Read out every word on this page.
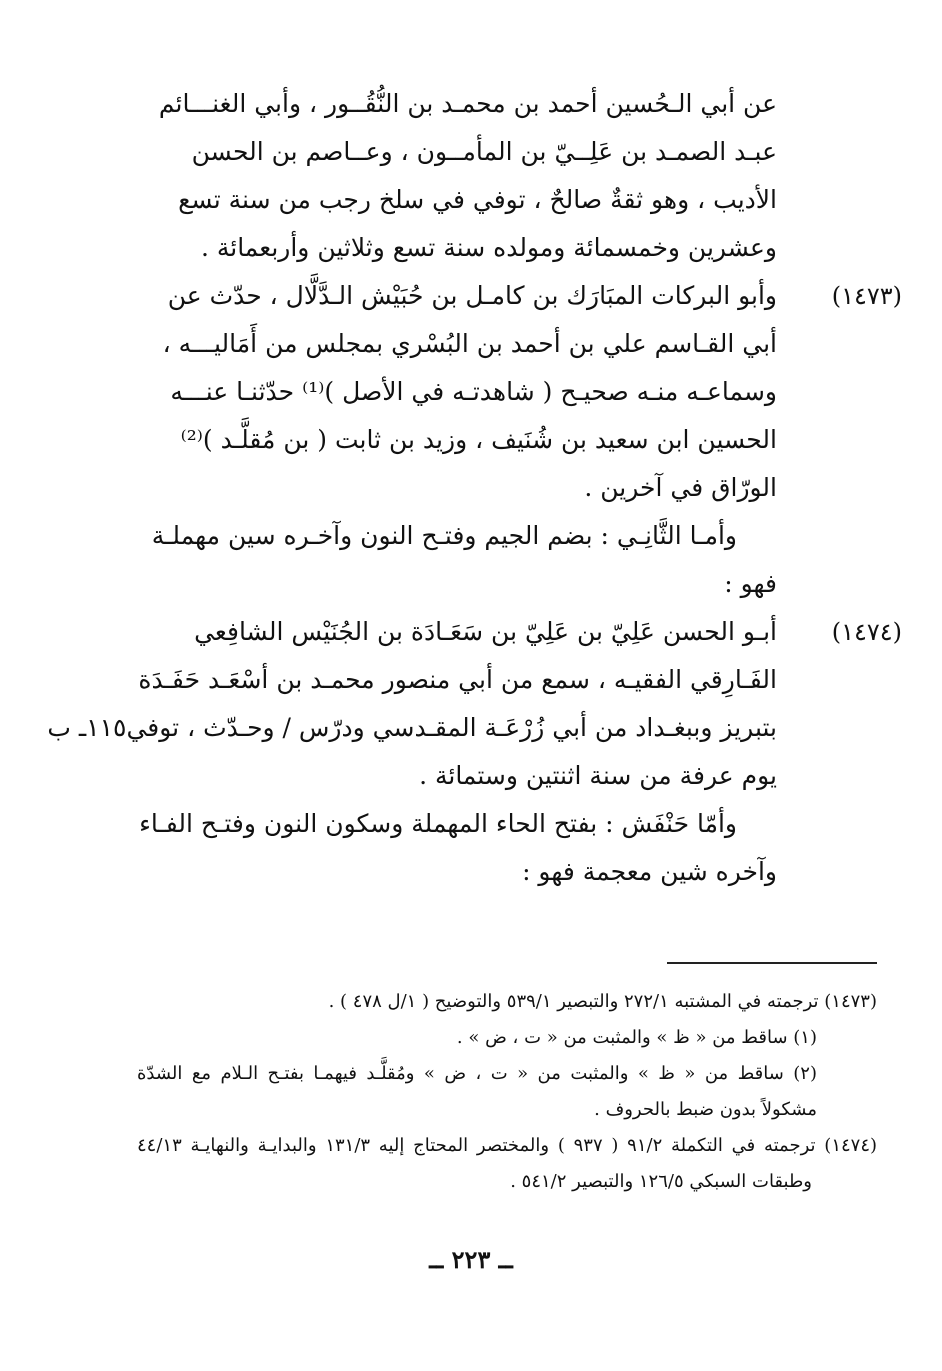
عن أبي الـحُسين أحمد بن محمـد بن النُّقُــور ، وأبي الغنـــائم
عبـد الصمـد بن عَلِــيّ بن المأمــون ، وعــاصم بن الحسن
الأديب ، وهو ثقةٌ صالحٌ ، توفي في سلخ رجب من سنة تسع
وعشرين وخمسمائة ومولده سنة تسع وثلاثين وأربعمائة .
(١٤٧٣)
وأبو البركات المبَارَك بن كامـل بن حُبَيْش الـدَّلَّال ، حدّث عن
أبي القـاسم علي بن أحمد بن البُسْري بمجلس من أَمَاليـــه ،
وسماعـه منـه صحيـح ( شاهدتـه في الأصل )⁽¹⁾ حدّثنـا عنـــه
الحسين ابن سعيد بن شُنَيف ، وزيد بن ثابت ( بن مُقلَّـد )⁽²⁾
الورّاق في آخرين .
وأمـا الثَّانِـي : بضم الجيم وفتـح النون وآخـره سين مهملـة
فهو :
(١٤٧٤)
أبـو الحسن عَلِيّ بن عَلِيّ بن سَعَـادَة بن الجُنَيْس الشافِعي
الفَـارِقي الفقيـه ، سمع من أبي منصور محمـد بن أسْعَـد حَفَـدَة
بتبريز وببغـداد من أبي زُرْعَـة المقـدسي ودرّس / وحـدّث ، توفي١١٥ـ ب
يوم عرفة من سنة اثنتين وستمائة .
وأمّا حَنْفَش : بفتح الحاء المهملة وسكون النون وفتـح الفـاء
وآخره شين معجمة فهو :
(١٤٧٣) ترجمته في المشتبه ٢٧٢/١ والتبصير ٥٣٩/١ والتوضيح ( ١/ل ٤٧٨ ) .
(١) ساقط من « ظ » والمثبت من « ت ، ض » .
(٢) ساقط من « ظ » والمثبت من « ت ، ض » ومُقلَّـد فيهمـا بفتـح الـلام مع الشدّة
مشكولاً بدون ضبط بالحروف .
(١٤٧٤) ترجمته في التكملة ٩١/٢ ( ٩٣٧ ) والمختصر المحتاج إليه ١٣١/٣ والبدايـة والنهايـة ٤٤/١٣
وطبقات السبكي ١٢٦/٥ والتبصير ٥٤١/٢ .
ــ ٢٢٣ ــ
